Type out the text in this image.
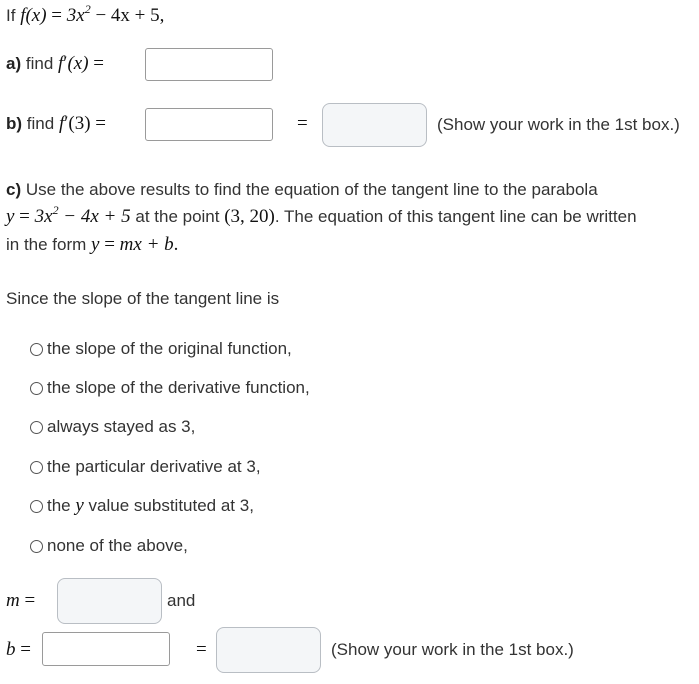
If $f(x) = 3x^2 - 4x + 5$,
a) find f′(x) =
b) find f′(3) =	=	(Show your work in the 1st box.)
c) Use the above results to find the equation of the tangent line to the parabola
$y = 3x^2 - 4x + 5$ at the point (3, 20). The equation of this tangent line can be written
in the form y = mx + b.
Since the slope of the tangent line is
the slope of the original function,
the slope of the derivative function,
always stayed as 3,
the particular derivative at 3,
the y value substituted at 3,
none of the above,
m =	and
b =	=	(Show your work in the 1st box.)
